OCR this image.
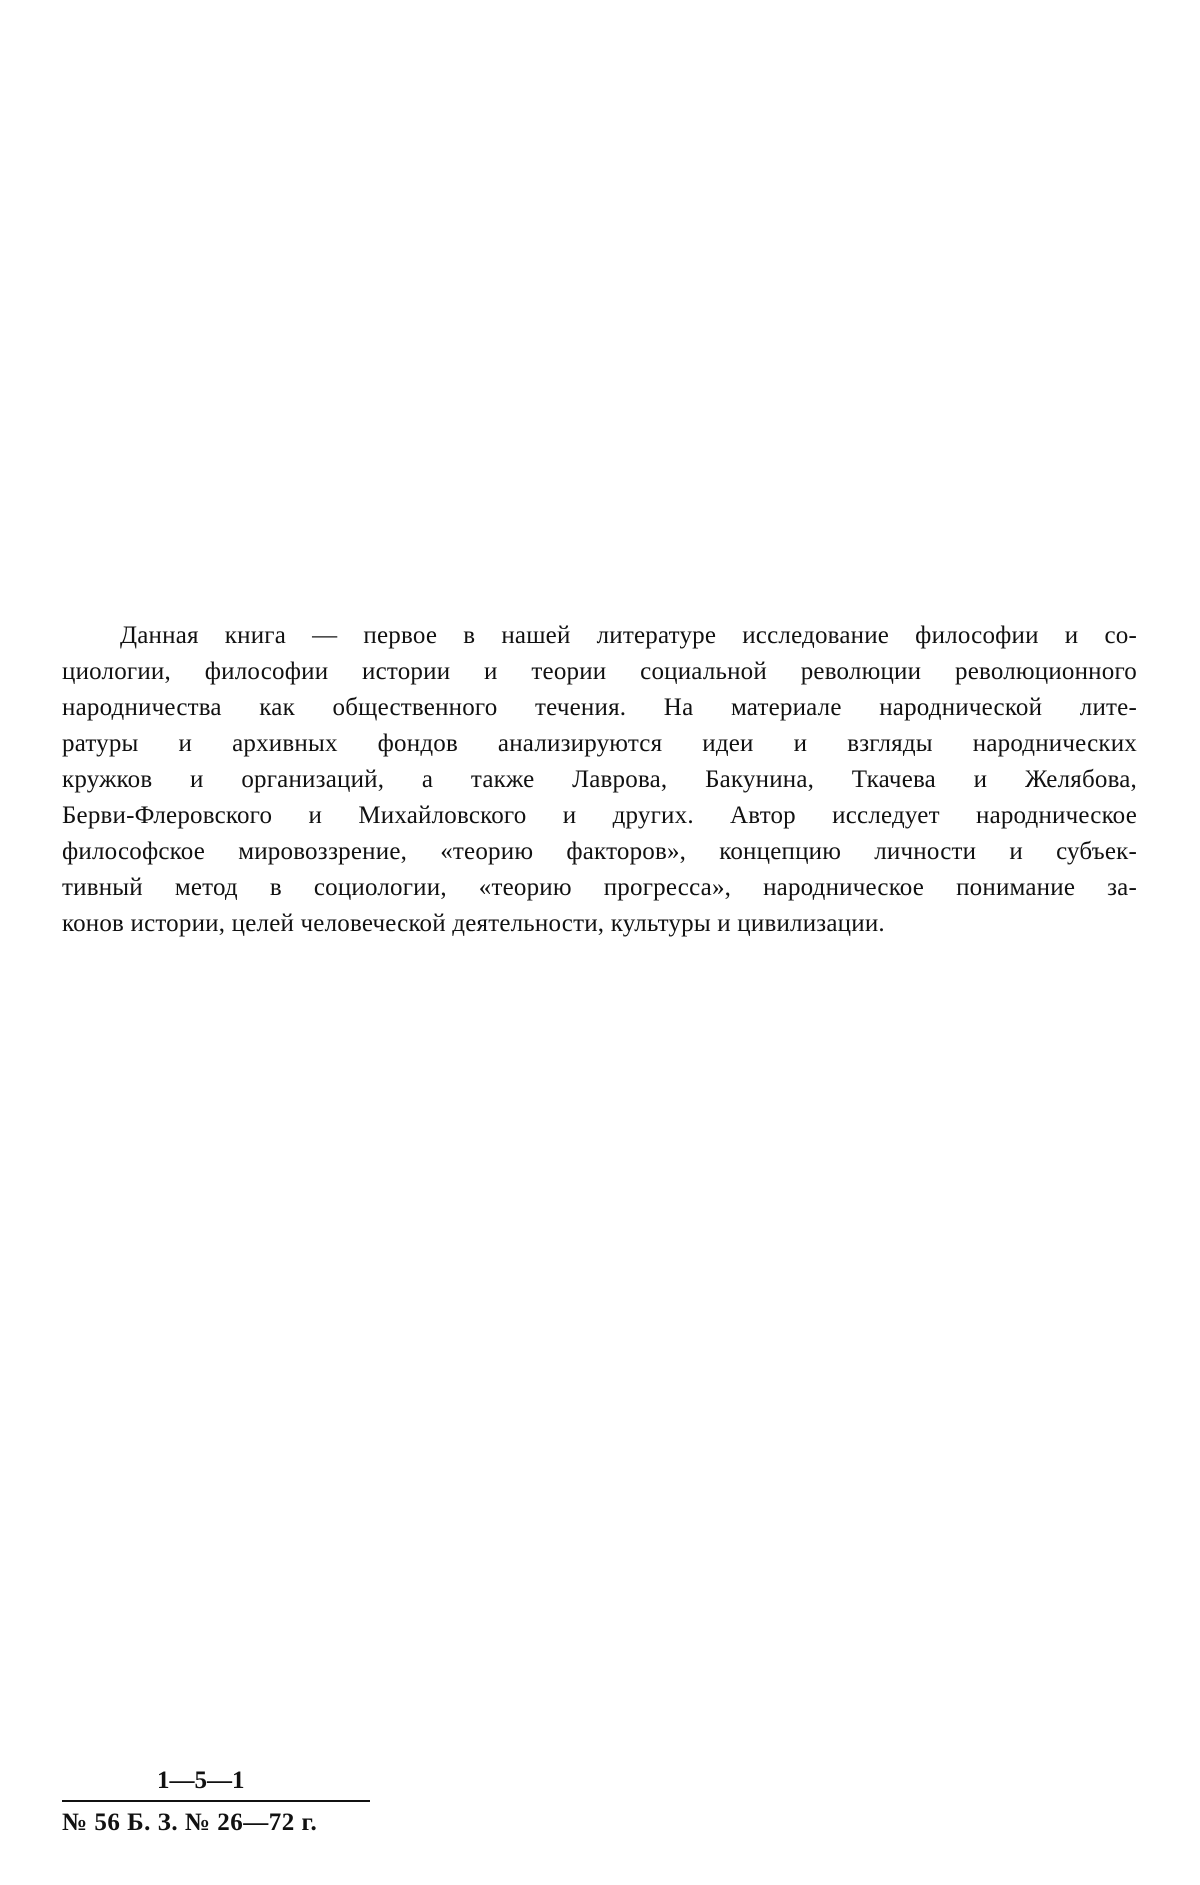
Данная книга — первое в нашей литературе исследование философии и со-
циологии, философии истории и теории социальной революции революционного
народничества как общественного течения. На материале народнической лите-
ратуры и архивных фондов анализируются идеи и взгляды народнических
кружков и организаций, а также Лаврова, Бакунина, Ткачева и Желябова,
Берви-Флеровского и Михайловского и других. Автор исследует народническое
философское мировоззрение, «теорию факторов», концепцию личности и субъек-
тивный метод в социологии, «теорию прогресса», народническое понимание за-
конов истории, целей человеческой деятельности, культуры и цивилизации.
1—5—1
№ 56 Б. З. № 26—72 г.
